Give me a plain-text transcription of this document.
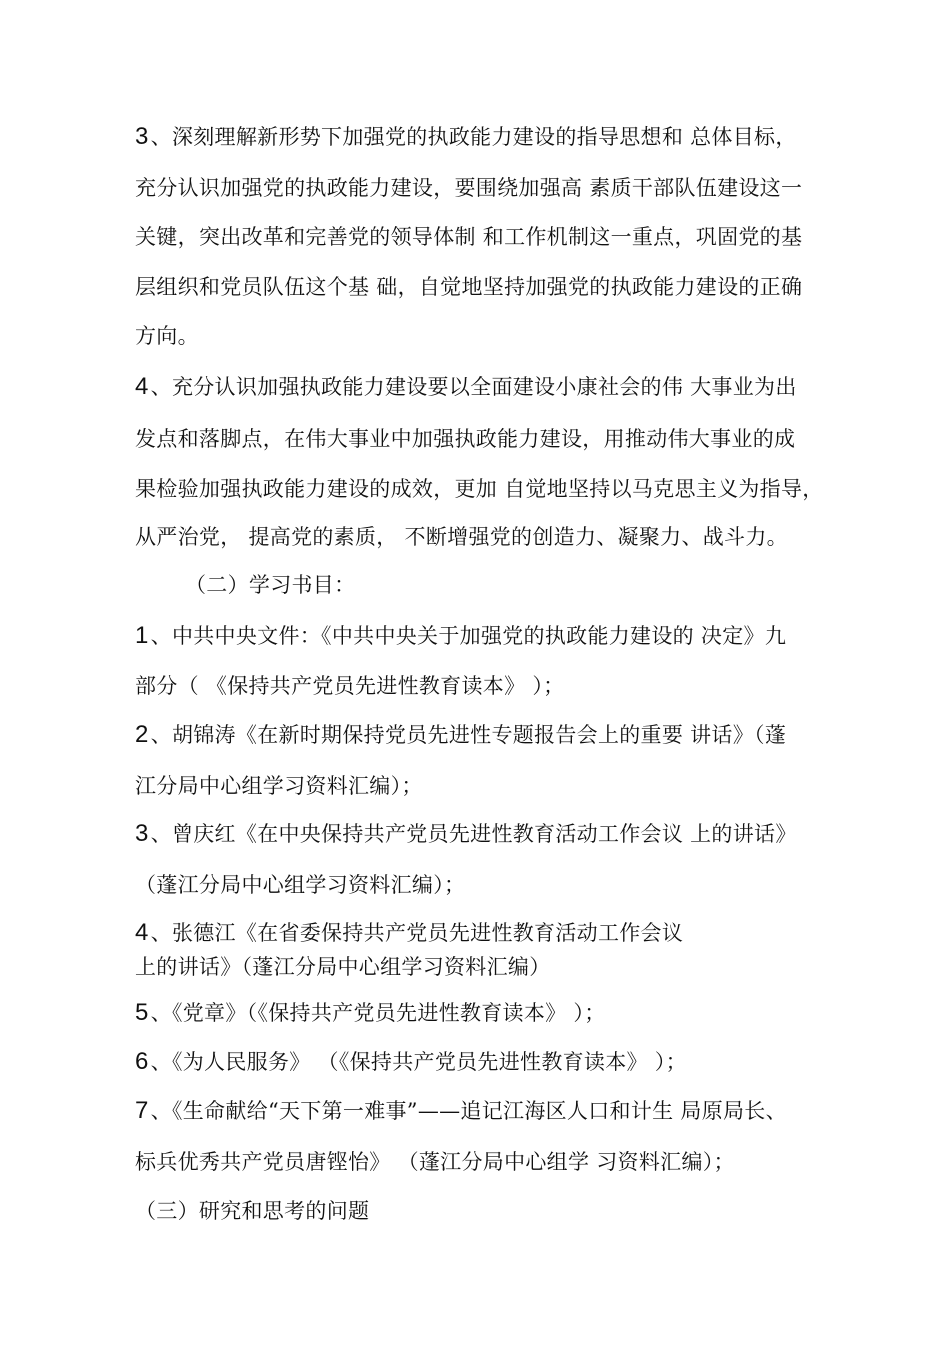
3、深刻理解新形势下加强党的执政能力建设的指导思想和 总体目标，
充分认识加强党的执政能力建设，要围绕加强高 素质干部队伍建设这一
关键，突出改革和完善党的领导体制 和工作机制这一重点，巩固党的基
层组织和党员队伍这个基 础，自觉地坚持加强党的执政能力建设的正确
方向。
4、充分认识加强执政能力建设要以全面建设小康社会的伟 大事业为出
发点和落脚点，在伟大事业中加强执政能力建设，用推动伟大事业的成
果检验加强执政能力建设的成效，更加 自觉地坚持以马克思主义为指导，
从严治党， 提高党的素质， 不断增强党的创造力、凝聚力、战斗力。
（二）学习书目：
1、中共中央文件：《中共中央关于加强党的执政能力建设的 决定》九
部分（ 《保持共产党员先进性教育读本》 ）；
2、胡锦涛《在新时期保持党员先进性专题报告会上的重要 讲话》（蓬
江分局中心组学习资料汇编）；
3、曾庆红《在中央保持共产党员先进性教育活动工作会议 上的讲话》
（蓬江分局中心组学习资料汇编）；
4、张德江《在省委保持共产党员先进性教育活动工作会议
上的讲话》（蓬江分局中心组学习资料汇编）
5、《党章》（《保持共产党员先进性教育读本》 ）；
6、《为人民服务》 （《保持共产党员先进性教育读本》 ）；
7、《生命献给“天下第一难事”——追记江海区人口和计生 局原局长、
标兵优秀共产党员唐铿怡》 （蓬江分局中心组学 习资料汇编）；
（三）研究和思考的问题
